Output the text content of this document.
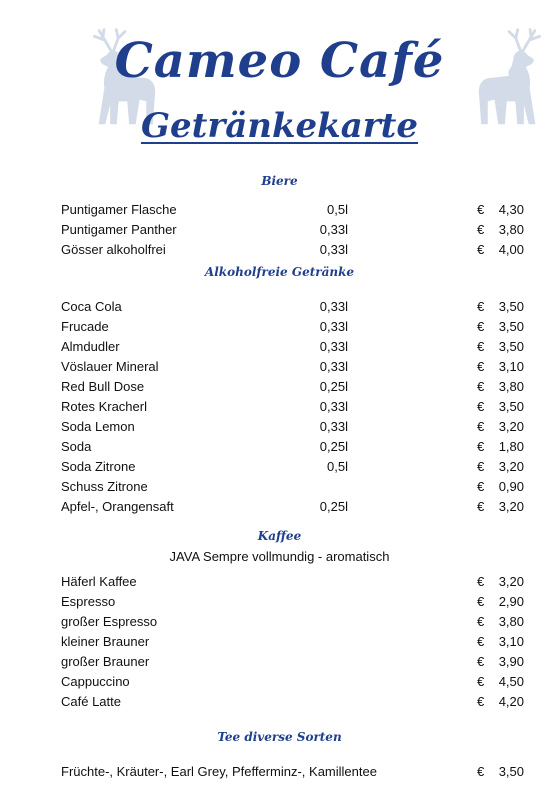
Cameo Café
Getränkekarte
Biere
Puntigamer Flasche	0,5l	€ 4,30
Puntigamer Panther	0,33l	€ 3,80
Gösser alkoholfrei	0,33l	€ 4,00
Alkoholfreie Getränke
Coca Cola	0,33l	€ 3,50
Frucade	0,33l	€ 3,50
Almdudler	0,33l	€ 3,50
Vöslauer Mineral	0,33l	€ 3,10
Red Bull Dose	0,25l	€ 3,80
Rotes Kracherl	0,33l	€ 3,50
Soda Lemon	0,33l	€ 3,20
Soda	0,25l	€ 1,80
Soda Zitrone	0,5l	€ 3,20
Schuss Zitrone	€ 0,90
Apfel-, Orangensaft	0,25l	€ 3,20
Kaffee
JAVA Sempre vollmundig - aromatisch
Häferl Kaffee	€ 3,20
Espresso	€ 2,90
großer Espresso	€ 3,80
kleiner Brauner	€ 3,10
großer Brauner	€ 3,90
Cappuccino	€ 4,50
Café Latte	€ 4,20
Tee diverse Sorten
Früchte-, Kräuter-, Earl Grey, Pfefferminz-, Kamillentee	€ 3,50
